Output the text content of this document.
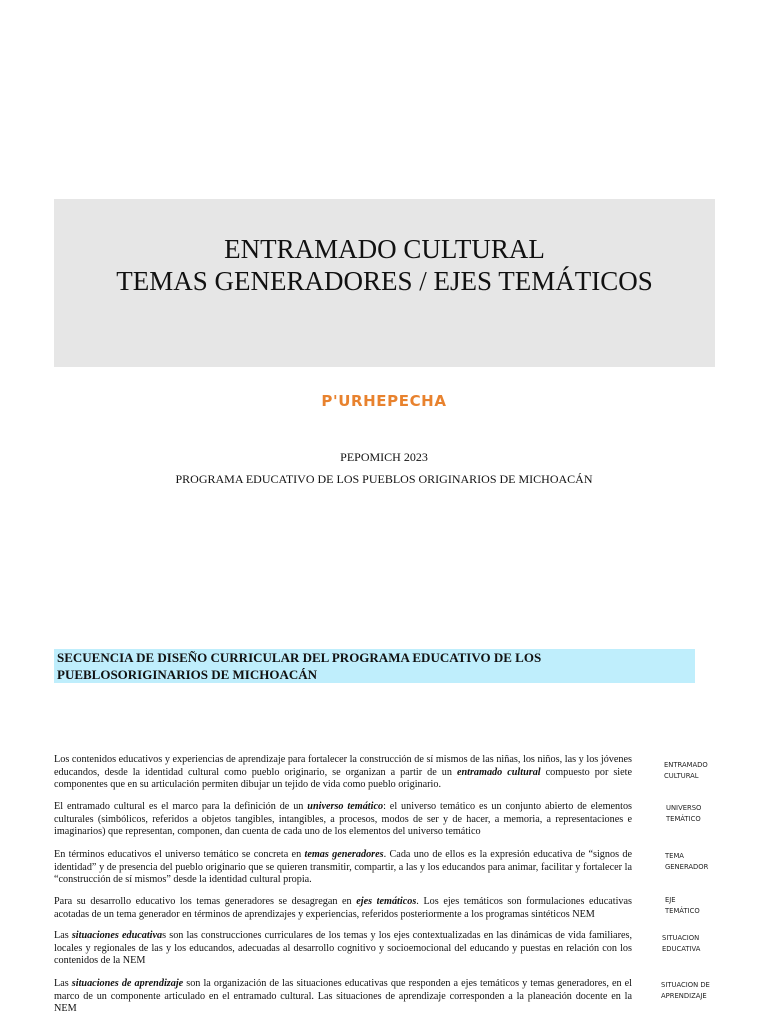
ENTRAMADO CULTURAL
TEMAS GENERADORES / EJES TEMÁTICOS
P'URHEPECHA
PEPOMICH 2023
PROGRAMA EDUCATIVO DE LOS PUEBLOS ORIGINARIOS DE MICHOACÁN
SECUENCIA DE DISEÑO CURRICULAR DEL PROGRAMA EDUCATIVO DE LOS PUEBLOSORIGINARIOS DE MICHOACÁN
Los contenidos educativos y experiencias de aprendizaje para fortalecer la construcción de sí mismos de las niñas, los niños, las y los jóvenes educandos, desde la identidad cultural como pueblo originario, se organizan a partir de un entramado cultural compuesto por siete componentes que en su articulación permiten dibujar un tejido de vida como pueblo originario.
ENTRAMADO
CULTURAL
El entramado cultural es el marco para la definición de un universo temático: el universo temático es un conjunto abierto de elementos culturales (simbólicos, referidos a objetos tangibles, intangibles, a procesos, modos de ser y de hacer, a memoria, a representaciones e imaginarios) que representan, componen, dan cuenta de cada uno de los elementos del universo temático
UNIVERSO
TEMÁTICO
En términos educativos el universo temático se concreta en temas generadores. Cada uno de ellos es la expresión educativa de “signos de identidad” y de presencia del pueblo originario que se quieren transmitir, compartir, a las y los educandos para animar, facilitar y fortalecer la “construcción de sí mismos” desde la identidad cultural propia.
TEMA
GENERADOR
Para su desarrollo educativo los temas generadores se desagregan en ejes temáticos. Los ejes temáticos son formulaciones educativas acotadas de un tema generador en términos de aprendizajes y experiencias, referidos posteriormente a los programas sintéticos NEM
EJE
TEMÁTICO
Las situaciones educativas son las construcciones curriculares de los temas y los ejes contextualizadas en las dinámicas de vida familiares, locales y regionales de las y los educandos, adecuadas al desarrollo cognitivo y socioemocional del educando y puestas en relación con los contenidos de la NEM
SITUACION
EDUCATIVA
Las situaciones de aprendizaje son la organización de las situaciones educativas que responden a ejes temáticos y temas generadores, en el marco de un componente articulado en el entramado cultural. Las situaciones de aprendizaje corresponden a la planeación docente en la NEM
SITUACION DE
APRENDIZAJE
